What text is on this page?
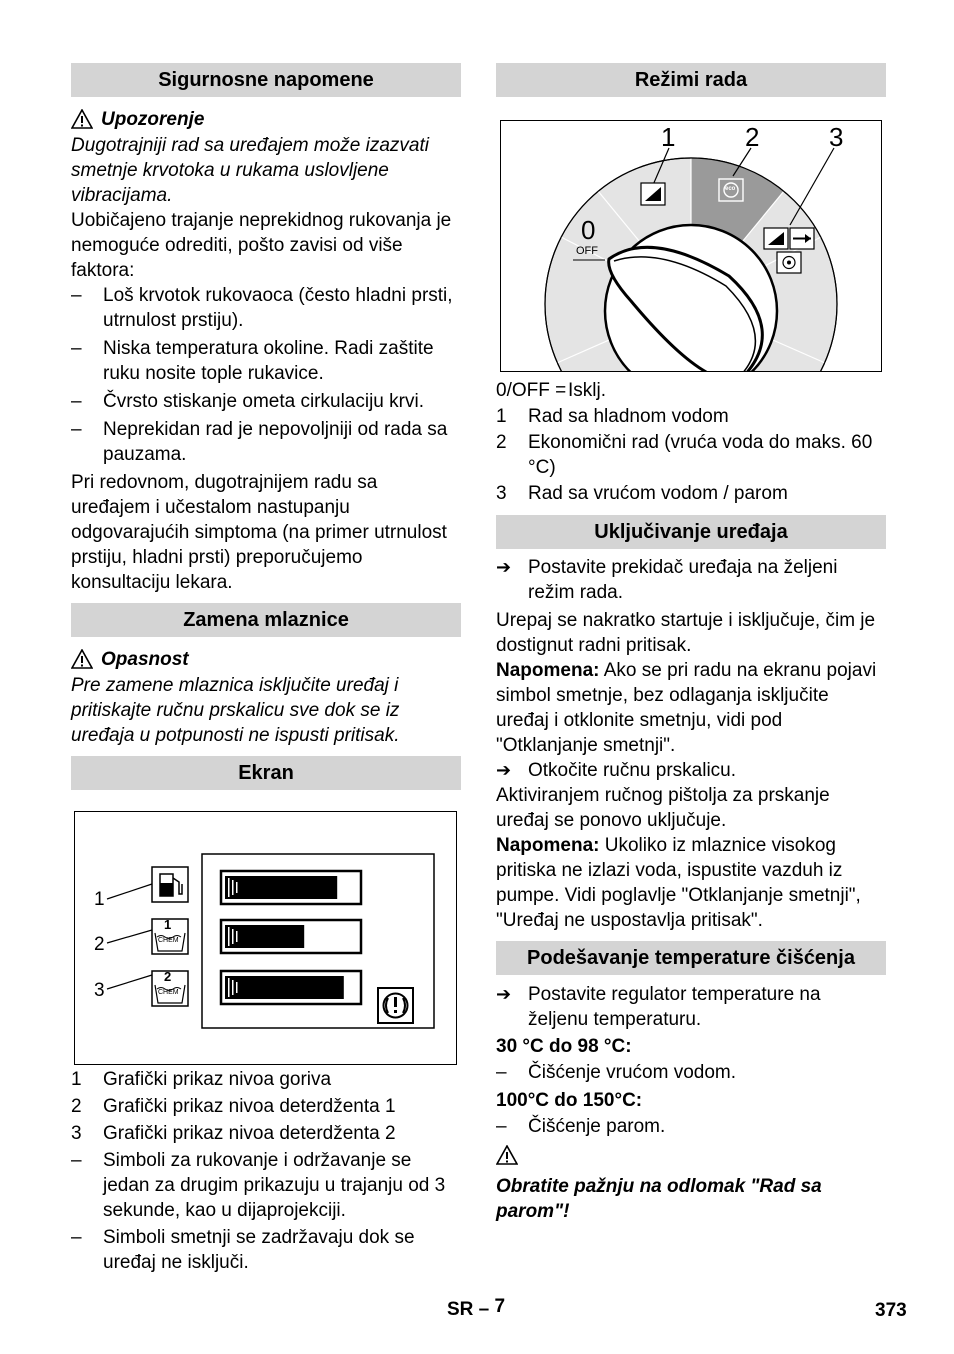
Sigurnosne napomene
Upozorenje

Dugotrajniji rad sa uređajem može izazvati smetnje krvotoka u rukama uslovljene vibracijama.

Uobičajeno trajanje neprekidnog rukovanja je nemoguće odrediti, pošto zavisi od više faktora:

–	Loš krvotok rukovaoca (često hladni prsti, utrnulost prstiju).
–	Niska temperatura okoline. Radi zaštite ruku nosite tople rukavice.
–	Čvrsto stiskanje ometa cirkulaciju krvi.
–	Neprekidan rad je nepovoljniji od rada sa pauzama.

Pri redovnom, dugotrajnijem radu sa uređajem i učestalom nastupanju odgovarajućih simptoma (na primer utrnulost prstiju, hladni prsti) preporučujemo konsultaciju lekara.

Zamena mlaznice
Opasnost

Pre zamene mlaznica isključite uređaj i pritiskajte ručnu prskalicu sve dok se iz uređaja u potpunosti ne ispusti pritisak.

Ekran
1
2
3
1
CHEM
2
CHEM
1	Grafički prikaz nivoa goriva
2	Grafički prikaz nivoa deterdženta 1
3	Grafički prikaz nivoa deterdženta 2
–	Simboli za rukovanje i održavanje se jedan za drugim prikazuju u trajanju od 3 sekunde, kao u dijaprojekciji.
–	Simboli smetnji se zadržavaju dok se uređaj ne isključi.
Režimi rada
1	2	3
0
OFF
eco
0/OFF = Isklj.
1	Rad sa hladnom vodom
2	Ekonomični rad (vruća voda do maks. 60 °C)
3	Rad sa vrućom vodom / parom
Uključivanje uređaja
➔ Postavite prekidač uređaja na željeni režim rada.

Urepaj se nakratko startuje i isključuje, čim je dostignut radni pritisak.

Napomena: Ako se pri radu na ekranu pojavi simbol smetnje, bez odlaganja isključite uređaj i otklonite smetnju, vidi pod "Otklanjanje smetnji".

➔ Otkočite ručnu prskalicu.

Aktiviranjem ručnog pištolja za prskanje uređaj se ponovo uključuje.

Napomena: Ukoliko iz mlaznice visokog pritiska ne izlazi voda, ispustite vazduh iz pumpe. Vidi poglavlje "Otklanjanje smetnji", "Uređaj ne uspostavlja pritisak".

Podešavanje temperature čišćenja
➔ Postavite regulator temperature na željenu temperaturu.

30 °C do 98 °C:

–	Čišćenje vrućom vodom.

100°C do 150°C:

–	Čišćenje parom.

Obratite pažnju na odlomak "Rad sa parom"!

SR – 7	373
